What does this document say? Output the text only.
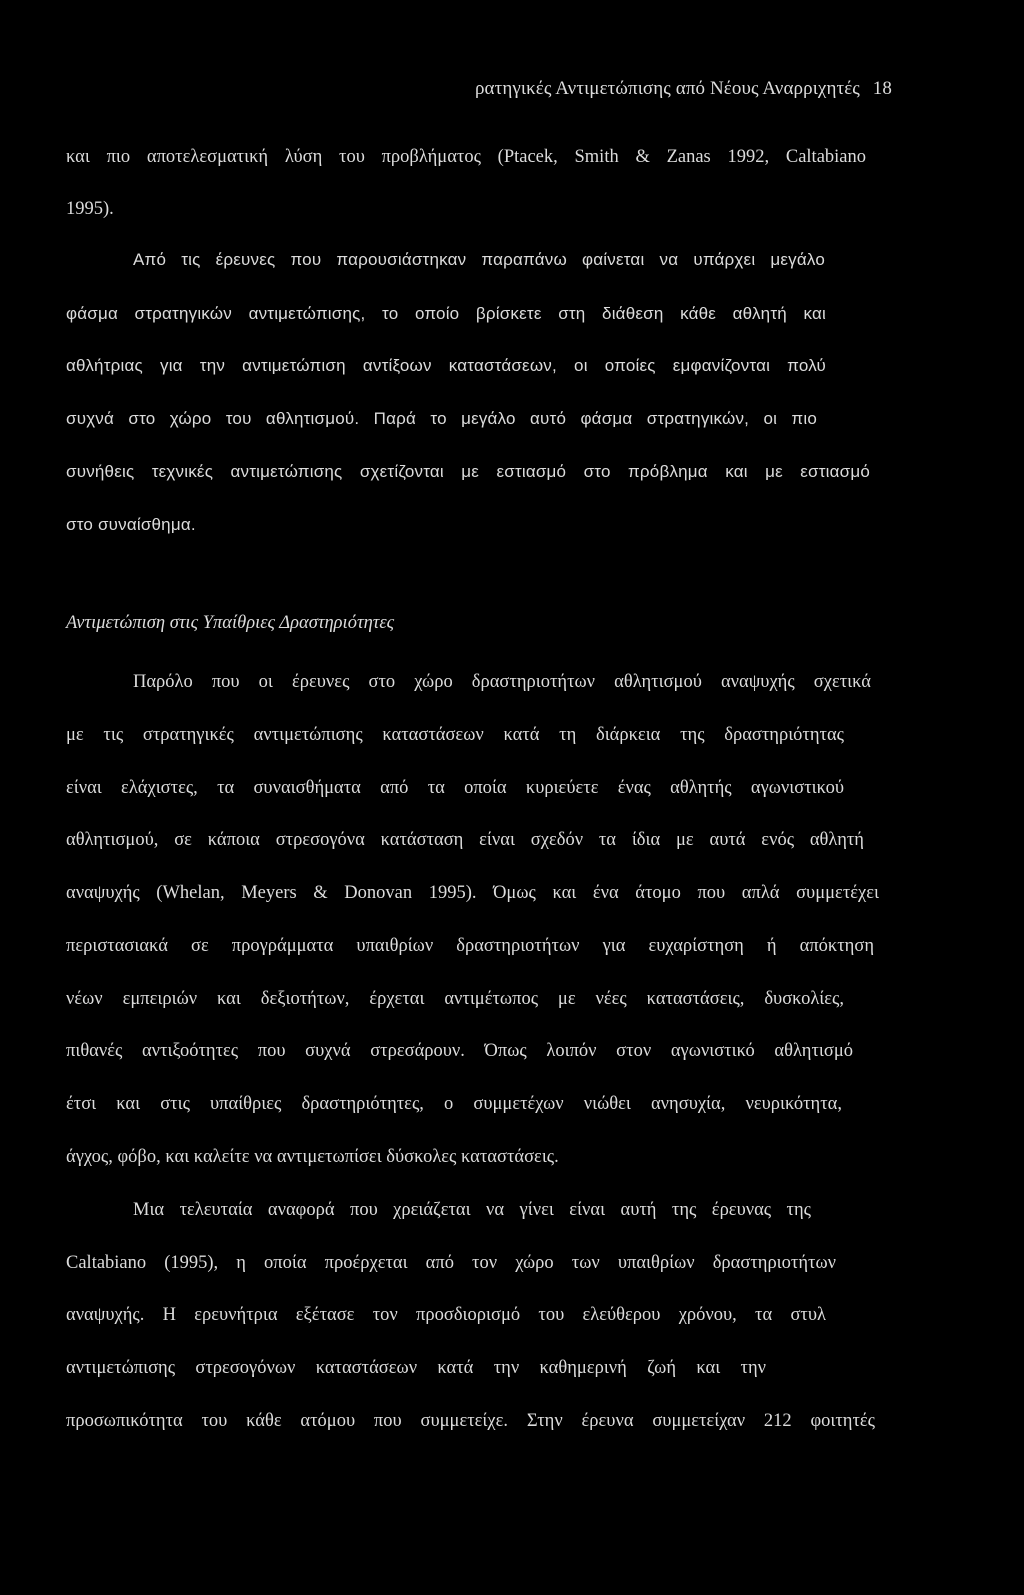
ρατηγικές Αντιμετώπισης από Νέους Αναρριχητές 18
και πιο αποτελεσματική λύση του προβλήματος (Ptacek, Smith & Zanas 1992, Caltabiano
1995).
Από τις έρευνες που παρουσιάστηκαν παραπάνω φαίνεται να υπάρχει μεγάλο
φάσμα στρατηγικών αντιμετώπισης, το οποίο βρίσκετε στη διάθεση κάθε αθλητή και
αθλήτριας για την αντιμετώπιση αντίξοων καταστάσεων, οι οποίες εμφανίζονται πολύ
συχνά στο χώρο του αθλητισμού. Παρά το μεγάλο αυτό φάσμα στρατηγικών, οι πιο
συνήθεις τεχνικές αντιμετώπισης σχετίζονται με εστιασμό στο πρόβλημα και με εστιασμό
στο συναίσθημα.
Αντιμετώπιση στις Υπαίθριες Δραστηριότητες
Παρόλο που οι έρευνες στο χώρο δραστηριοτήτων αθλητισμού αναψυχής σχετικά
με τις στρατηγικές αντιμετώπισης καταστάσεων κατά τη διάρκεια της δραστηριότητας
είναι ελάχιστες, τα συναισθήματα από τα οποία κυριεύετε ένας αθλητής αγωνιστικού
αθλητισμού, σε κάποια στρεσογόνα κατάσταση είναι σχεδόν τα ίδια με αυτά ενός αθλητή
αναψυχής (Whelan, Meyers & Donovan 1995). Όμως και ένα άτομο που απλά συμμετέχει
περιστασιακά σε προγράμματα υπαιθρίων δραστηριοτήτων για ευχαρίστηση ή απόκτηση
νέων εμπειριών και δεξιοτήτων, έρχεται αντιμέτωπος με νέες καταστάσεις, δυσκολίες,
πιθανές αντιξοότητες που συχνά στρεσάρουν. Όπως λοιπόν στον αγωνιστικό αθλητισμό
έτσι και στις υπαίθριες δραστηριότητες, ο συμμετέχων νιώθει ανησυχία, νευρικότητα,
άγχος, φόβο, και καλείτε να αντιμετωπίσει δύσκολες καταστάσεις.
Μια τελευταία αναφορά που χρειάζεται να γίνει είναι αυτή της έρευνας της
Caltabiano (1995), η οποία προέρχεται από τον χώρο των υπαιθρίων δραστηριοτήτων
αναψυχής. Η ερευνήτρια εξέτασε τον προσδιορισμό του ελεύθερου χρόνου, τα στυλ
αντιμετώπισης στρεσογόνων καταστάσεων κατά την καθημερινή ζωή και την
προσωπικότητα του κάθε ατόμου που συμμετείχε. Στην έρευνα συμμετείχαν 212 φοιτητές
